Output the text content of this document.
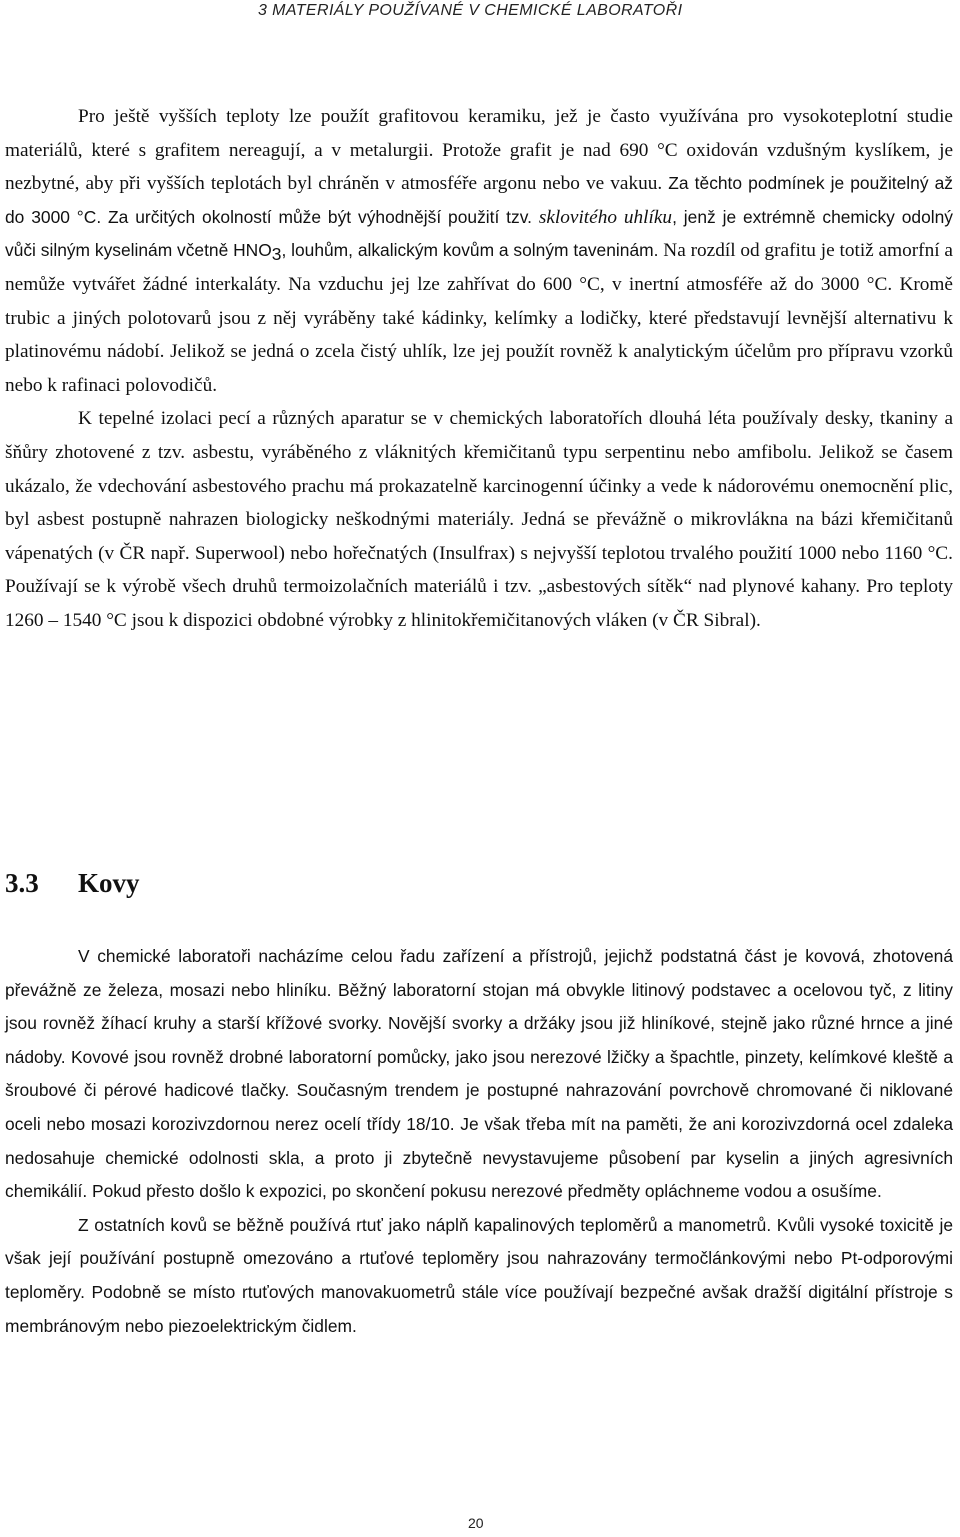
3 MATERIÁLY POUŽÍVANÉ V CHEMICKÉ LABORATOŘI

Pro ještě vyšších teploty lze použít grafitovou keramiku, jež je často využívána pro vysokoteplotní studie materiálů, které s grafitem nereagují, a v metalurgii. Protože grafit je nad 690 °C oxidován vzdušným kyslíkem, je nezbytné, aby při vyšších teplotách byl chráněn v atmosféře argonu nebo ve vakuu. Za těchto podmínek je použitelný až do 3000 °C. Za určitých okolností může být výhodnější použití tzv. sklovitého uhlíku, jenž je extrémně chemicky odolný vůči silným kyselinám včetně $HNO_3$, louhům, alkalickým kovům a solným taveninám. Na rozdíl od grafitu je totiž amorfní a nemůže vytvářet žádné interkaláty. Na vzduchu jej lze zahřívat do 600 °C, v inertní atmosféře až do 3000 °C. Kromě trubic a jiných polotovarů jsou z něj vyráběny také kádinky, kelímky a lodičky, které představují levnější alternativu k platinovému nádobí. Jelikož se jedná o zcela čistý uhlík, lze jej použít rovněž k analytickým účelům pro přípravu vzorků nebo k rafinaci polovodičů.

K tepelné izolaci pecí a různých aparatur se v chemických laboratořích dlouhá léta používaly desky, tkaniny a šňůry zhotovené z tzv. asbestu, vyráběného z vláknitých křemičitanů typu serpentinu nebo amfibolu. Jelikož se časem ukázalo, že vdechování asbestového prachu má prokazatelně karcinogenní účinky a vede k nádorovému onemocnění plic, byl asbest postupně nahrazen biologicky neškodnými materiály. Jedná se převážně o mikrovlákna na bázi křemičitanů vápenatých (v ČR např. Superwool) nebo hořečnatých (Insulfrax) s nejvyšší teplotou trvalého použití 1000 nebo 1160 °C. Používají se k výrobě všech druhů termoizolačních materiálů i tzv. „asbestových sítěk“ nad plynové kahany. Pro teploty 1260 – 1540 °C jsou k dispozici obdobné výrobky z hlinitokřemičitanových vláken (v ČR Sibral).

3.3 Kovy

V chemické laboratoři nacházíme celou řadu zařízení a přístrojů, jejichž podstatná část je kovová, zhotovená převážně ze železa, mosazi nebo hliníku. Běžný laboratorní stojan má obvykle litinový podstavec a ocelovou tyč, z litiny jsou rovněž žíhací kruhy a starší křížové svorky. Novější svorky a držáky jsou již hliníkové, stejně jako různé hrnce a jiné nádoby. Kovové jsou rovněž drobné laboratorní pomůcky, jako jsou nerezové lžičky a špachtle, pinzety, kelímkové kleště a šroubové či pérové hadicové tlačky. Současným trendem je postupné nahrazování povrchově chromované či niklované oceli nebo mosazi korozivzdornou nerez ocelí třídy 18/10. Je však třeba mít na paměti, že ani korozivzdorná ocel zdaleka nedosahuje chemické odolnosti skla, a proto ji zbytečně nevystavujeme působení par kyselin a jiných agresivních chemikálií. Pokud přesto došlo k expozici, po skončení pokusu nerezové předměty opláchneme vodou a osušíme.

Z ostatních kovů se běžně používá rtuť jako náplň kapalinových teploměrů a manometrů. Kvůli vysoké toxicitě je však její používání postupně omezováno a rtuťové teploměry jsou nahrazovány termočlánkovými nebo Pt-odporovými teploměry. Podobně se místo rtuťových manovakuometrů stále více používají bezpečné avšak dražší digitální přístroje s membránovým nebo piezoelektrickým čidlem.

20
